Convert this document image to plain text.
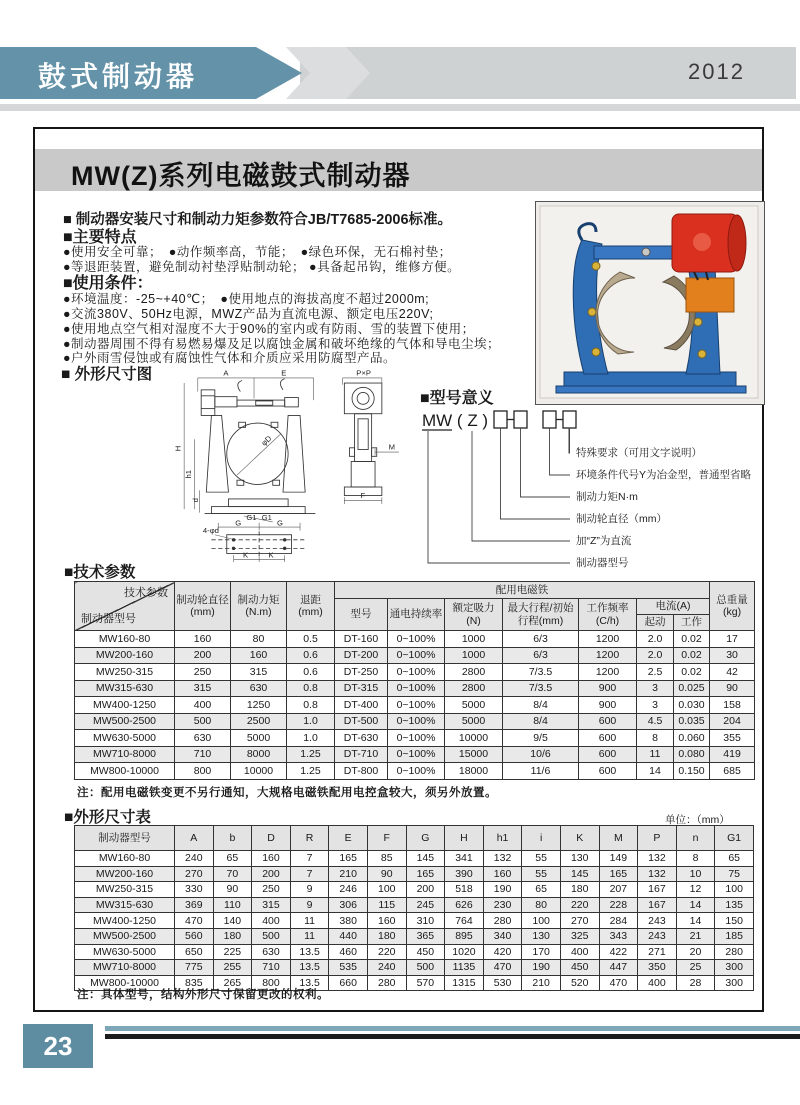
鼓式制动器	2012
MW(Z)系列电磁鼓式制动器
■ 制动器安装尺寸和制动力矩参数符合JB/T7685-2006标准。
■主要特点
●使用安全可靠；　●动作频率高，节能；　●绿色环保，无石棉衬垫；
●等退距装置，避免制动衬垫浮贴制动轮； ●具备起吊钩，维修方便。
■使用条件：
●环境温度：-25~+40℃；　●使用地点的海拔高度不超过2000m;
●交流380V、50Hz电源，MWZ产品为直流电源、额定电压220V;
●使用地点空气相对湿度不大于90%的室内或有防雨、雪的装置下使用；
●制动器周围不得有易燃易爆及足以腐蚀金属和破坏绝缘的气体和导电尘埃；
●户外雨雪侵蚀或有腐蚀性气体和介质应采用防腐型产品。
■ 外形尺寸图	A	E
H
h1
d
G1 G1
G	G
4-φd
K K
φD
P×P
M
F
■型号意义
MW ( Z )
特殊要求（可用文字说明）
环境条件代号Y为冶金型，普通型省略
制动力矩N·m
制动轮直径（mm）
加“Z”为直流
制动器型号
■技术参数
技术参数
制动器型号	制动轮直径(mm)	制动力矩(N.m)	退距(mm)	配用电磁铁							总重量(kg)
				型号	通电持续率	额定吸力(N)	最大行程/初始行程(mm)	工作频率(C/h)	电流(A)		
									起动	工作	
MW160-80	160	80	0.5	DT-160	0~100%	1000	6/3	1200	2.0	0.02	17
MW200-160	200	160	0.6	DT-200	0~100%	1000	6/3	1200	2.0	0.02	30
MW250-315	250	315	0.6	DT-250	0~100%	2800	7/3.5	1200	2.5	0.02	42
MW315-630	315	630	0.8	DT-315	0~100%	2800	7/3.5	900	3	0.025	90
MW400-1250	400	1250	0.8	DT-400	0~100%	5000	8/4	900	3	0.030	158
MW500-2500	500	2500	1.0	DT-500	0~100%	5000	8/4	600	4.5	0.035	204
MW630-5000	630	5000	1.0	DT-630	0~100%	10000	9/5	600	8	0.060	355
MW710-8000	710	8000	1.25	DT-710	0~100%	15000	10/6	600	11	0.080	419
MW800-10000	800	10000	1.25	DT-800	0~100%	18000	11/6	600	14	0.150	685
注：配用电磁铁变更不另行通知，大规格电磁铁配用电控盒较大，须另外放置。
■外形尺寸表	单位：（mm）
制动器型号	A	b	D	R	E	F	G	H	h1	i	K	M	P	n	G1
MW160-80	240	65	160	7	165	85	145	341	132	55	130	149	132	8	65
MW200-160	270	70	200	7	210	90	165	390	160	55	145	165	132	10	75
MW250-315	330	90	250	9	246	100	200	518	190	65	180	207	167	12	100
MW315-630	369	110	315	9	306	115	245	626	230	80	220	228	167	14	135
MW400-1250	470	140	400	11	380	160	310	764	280	100	270	284	243	14	150
MW500-2500	560	180	500	11	440	180	365	895	340	130	325	343	243	21	185
MW630-5000	650	225	630	13.5	460	220	450	1020	420	170	400	422	271	20	280
MW710-8000	775	255	710	13.5	535	240	500	1135	470	190	450	447	350	25	300
MW800-10000	835	265	800	13.5	660	280	570	1315	530	210	520	470	400	28	300
注：具体型号，结构外形尺寸保留更改的权利。
23
